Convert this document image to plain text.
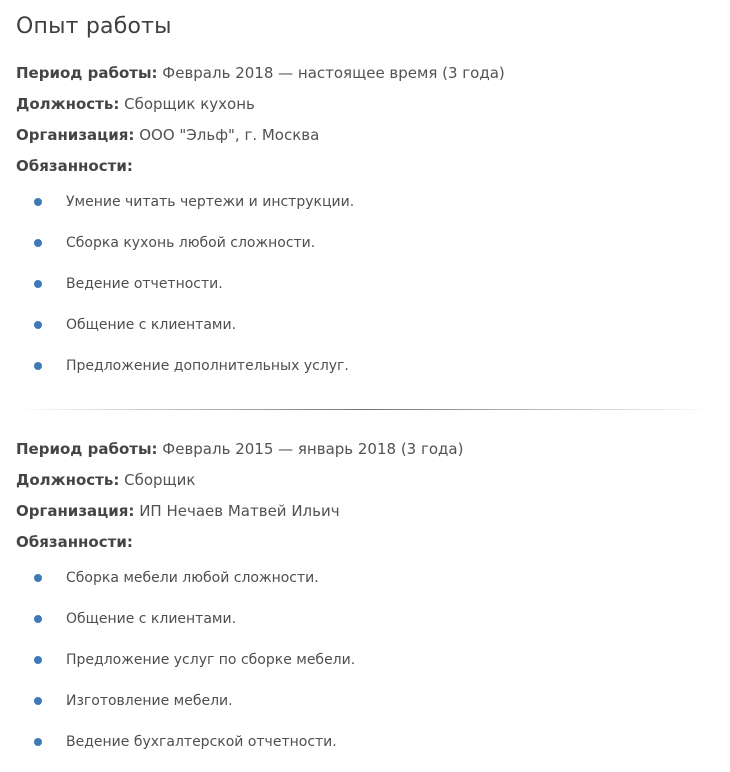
Опыт работы
Период работы: Февраль 2018 — настоящее время (3 года)
Должность: Сборщик кухонь
Организация: ООО "Эльф", г. Москва
Обязанности:
Умение читать чертежи и инструкции.
Сборка кухонь любой сложности.
Ведение отчетности.
Общение с клиентами.
Предложение дополнительных услуг.
Период работы: Февраль 2015 — январь 2018 (3 года)
Должность: Сборщик
Организация: ИП Нечаев Матвей Ильич
Обязанности:
Сборка мебели любой сложности.
Общение с клиентами.
Предложение услуг по сборке мебели.
Изготовление мебели.
Ведение бухгалтерской отчетности.
